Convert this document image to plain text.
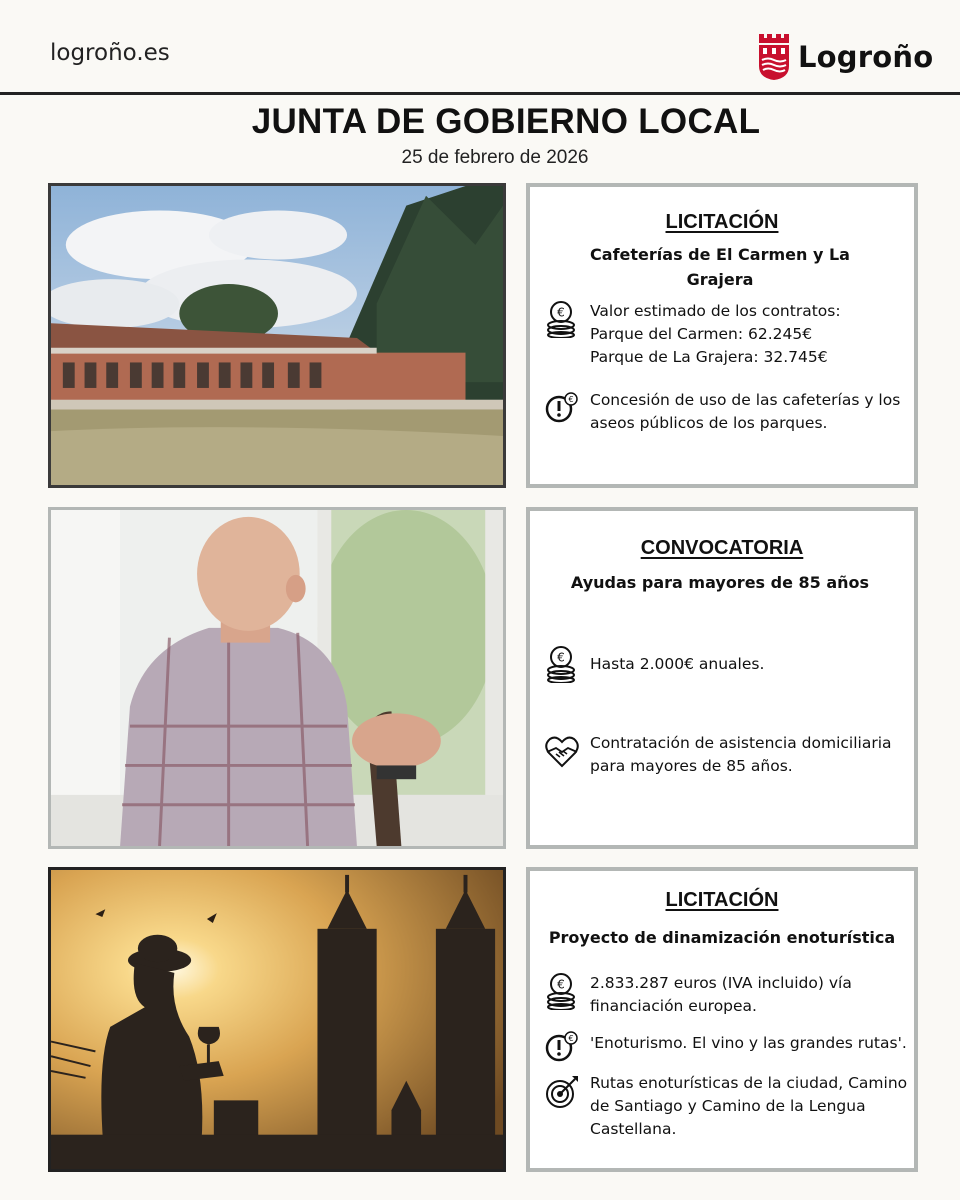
logroño.es	Logroño
JUNTA DE GOBIERNO LOCAL
25 de febrero de 2026
LICITACIÓN
Cafeterías de El Carmen y La Grajera
€ Valor estimado de los contratos:
Parque del Carmen: 62.245€
Parque de La Grajera: 32.745€
€ Concesión de uso de las cafeterías y los
aseos públicos de los parques.
CONVOCATORIA
Ayudas para mayores de 85 años
€ Hasta 2.000€ anuales.
Contratación de asistencia domiciliaria
para mayores de 85 años.
LICITACIÓN
Proyecto de dinamización enoturística
€ 2.833.287 euros (IVA incluido) vía
financiación europea.
€ 'Enoturismo. El vino y las grandes rutas'.
Rutas enoturísticas de la ciudad, Camino
de Santiago y Camino de la Lengua
Castellana.
